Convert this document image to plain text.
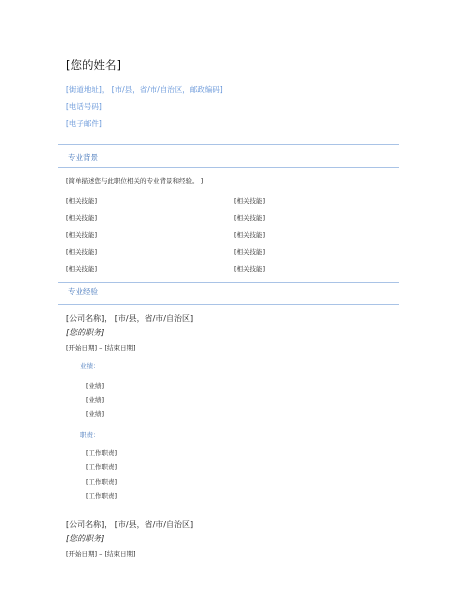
[您的姓名]
[街道地址]， [市/县，省/市/自治区，邮政编码]
[电话号码]
[电子邮件]
专业背景
[简单描述您与此职位相关的专业背景和经验。 ]
[相关技能]
[相关技能]
[相关技能]
[相关技能]
[相关技能]
[相关技能]
[相关技能]
[相关技能]
[相关技能]
[相关技能]
专业经验
[公司名称]， [市/县，省/市/自治区]
[您的职务]
[开始日期] – [结束日期]
业绩：
[业绩]
[业绩]
[业绩]
职责：
[工作职责]
[工作职责]
[工作职责]
[工作职责]
[公司名称]， [市/县，省/市/自治区]
[您的职务]
[开始日期] – [结束日期]
